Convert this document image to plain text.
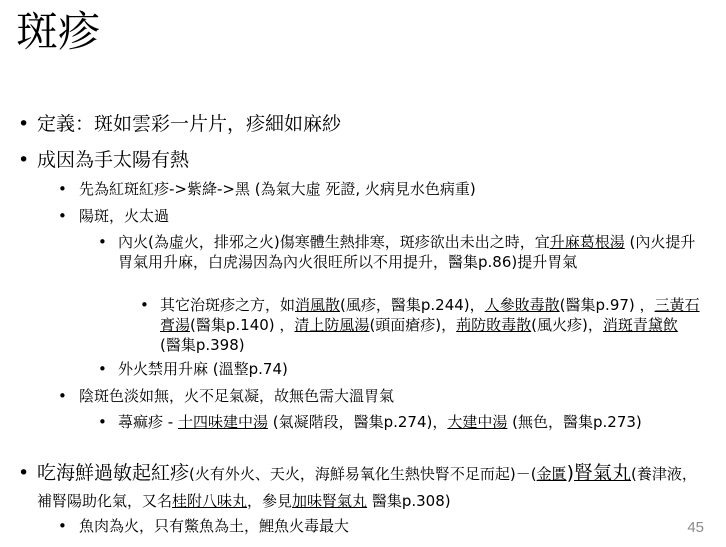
斑疹
• 定義：斑如雲彩一片片，疹細如麻紗
• 成因為手太陽有熱
• 先為紅斑紅疹->紫絳->黑 (為氣大虛 死證, 火病見水色病重)
• 陽斑，火太過
• 內火(為虛火，排邪之火)傷寒體生熱排寒，斑疹欲出未出之時，宜升麻葛根湯 (內火提升胃氣用升麻，白虎湯因為內火很旺所以不用提升，醫集p.86)提升胃氣
• 其它治斑疹之方，如消風散(風疹，醫集p.244)，人參敗毒散(醫集p.97) ，三黃石膏湯(醫集p.140) ，清上防風湯(頭面瘡疹)，荊防敗毒散(風火疹)，消斑青黛飲 (醫集p.398)
• 外火禁用升麻 (溫整p.74)
• 陰斑色淡如無，火不足氣凝，故無色需大溫胃氣
• 蕁痲疹 - 十四味建中湯 (氣凝階段，醫集p.274)，大建中湯 (無色，醫集p.273)
• 吃海鮮過敏起紅疹(火有外火、天火，海鮮易氧化生熱快腎不足而起)－(金匱)腎氣丸(養津液，補腎陽助化氣，又名桂附八味丸，參見加味腎氣丸 醫集p.308)
• 魚肉為火，只有鱉魚為土，鯉魚火毒最大	45
